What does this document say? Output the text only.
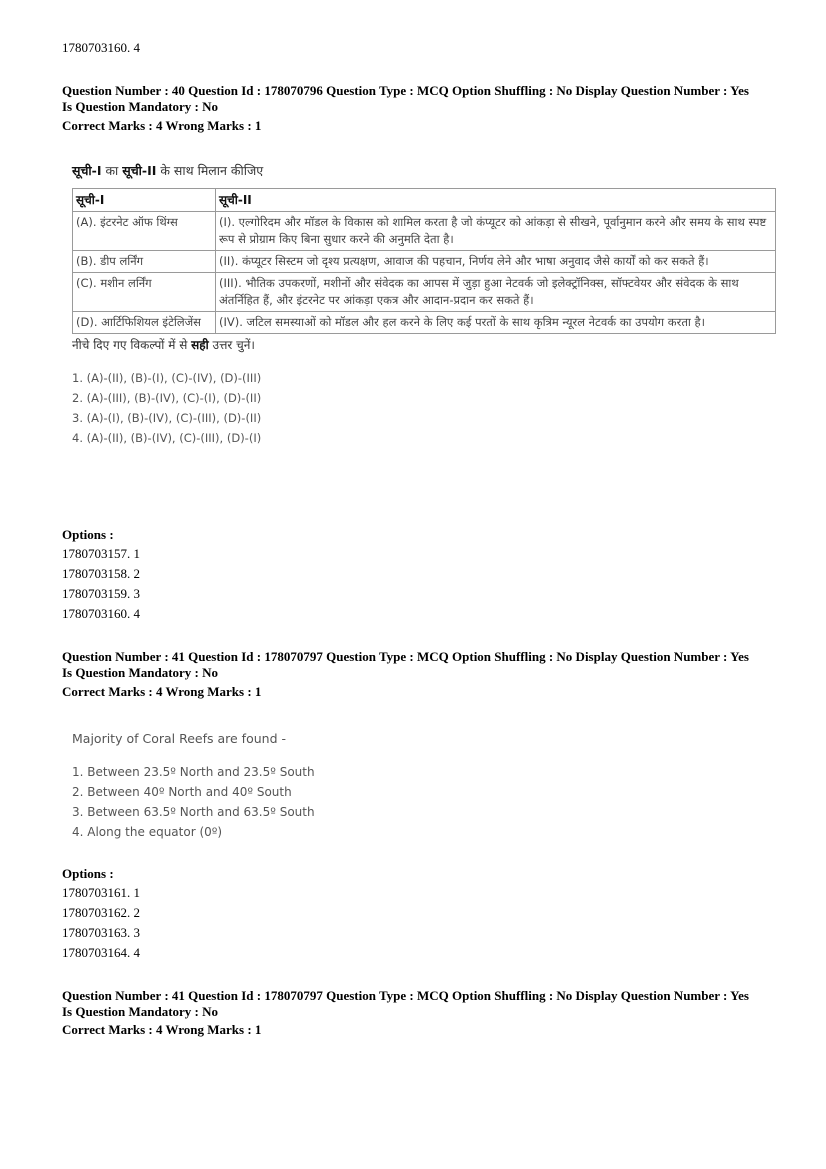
1780703160. 4
Question Number : 40 Question Id : 178070796 Question Type : MCQ Option Shuffling : No Display Question Number : Yes
Is Question Mandatory : No
Correct Marks : 4 Wrong Marks : 1
सूची-I का सूची-II के साथ मिलान कीजिए
सूची-I	सूची-II
(A). इंटरनेट ऑफ थिंग्स	(I). एल्गोरिदम और मॉडल के विकास को शामिल करता है जो कंप्यूटर को आंकड़ा से सीखने, पूर्वानुमान करने और समय के साथ स्पष्ट रूप से प्रोग्राम किए बिना सुधार करने की अनुमति देता है।
(B). डीप लर्निंग	(II). कंप्यूटर सिस्टम जो दृश्य प्रत्यक्षण, आवाज की पहचान, निर्णय लेने और भाषा अनुवाद जैसे कार्यों को कर सकते हैं।
(C). मशीन लर्निंग	(III). भौतिक उपकरणों, मशीनों और संवेदक का आपस में जुड़ा हुआ नेटवर्क जो इलेक्ट्रॉनिक्स, सॉफ्टवेयर और संवेदक के साथ अंतर्निहित हैं, और इंटरनेट पर आंकड़ा एकत्र और आदान-प्रदान कर सकते हैं।
(D). आर्टिफिशियल इंटेलिजेंस	(IV). जटिल समस्याओं को मॉडल और हल करने के लिए कई परतों के साथ कृत्रिम न्यूरल नेटवर्क का उपयोग करता है।
नीचे दिए गए विकल्पों में से सही उत्तर चुनें।
1. (A)-(II), (B)-(I), (C)-(IV), (D)-(III)
2. (A)-(III), (B)-(IV), (C)-(I), (D)-(II)
3. (A)-(I), (B)-(IV), (C)-(III), (D)-(II)
4. (A)-(II), (B)-(IV), (C)-(III), (D)-(I)
Options :
1780703157. 1
1780703158. 2
1780703159. 3
1780703160. 4
Question Number : 41 Question Id : 178070797 Question Type : MCQ Option Shuffling : No Display Question Number : Yes
Is Question Mandatory : No
Correct Marks : 4 Wrong Marks : 1
Majority of Coral Reefs are found -
1. Between 23.5º North and 23.5º South
2. Between 40º North and 40º South
3. Between 63.5º North and 63.5º South
4. Along the equator (0º)
Options :
1780703161. 1
1780703162. 2
1780703163. 3
1780703164. 4
Question Number : 41 Question Id : 178070797 Question Type : MCQ Option Shuffling : No Display Question Number : Yes
Is Question Mandatory : No
Correct Marks : 4 Wrong Marks : 1
